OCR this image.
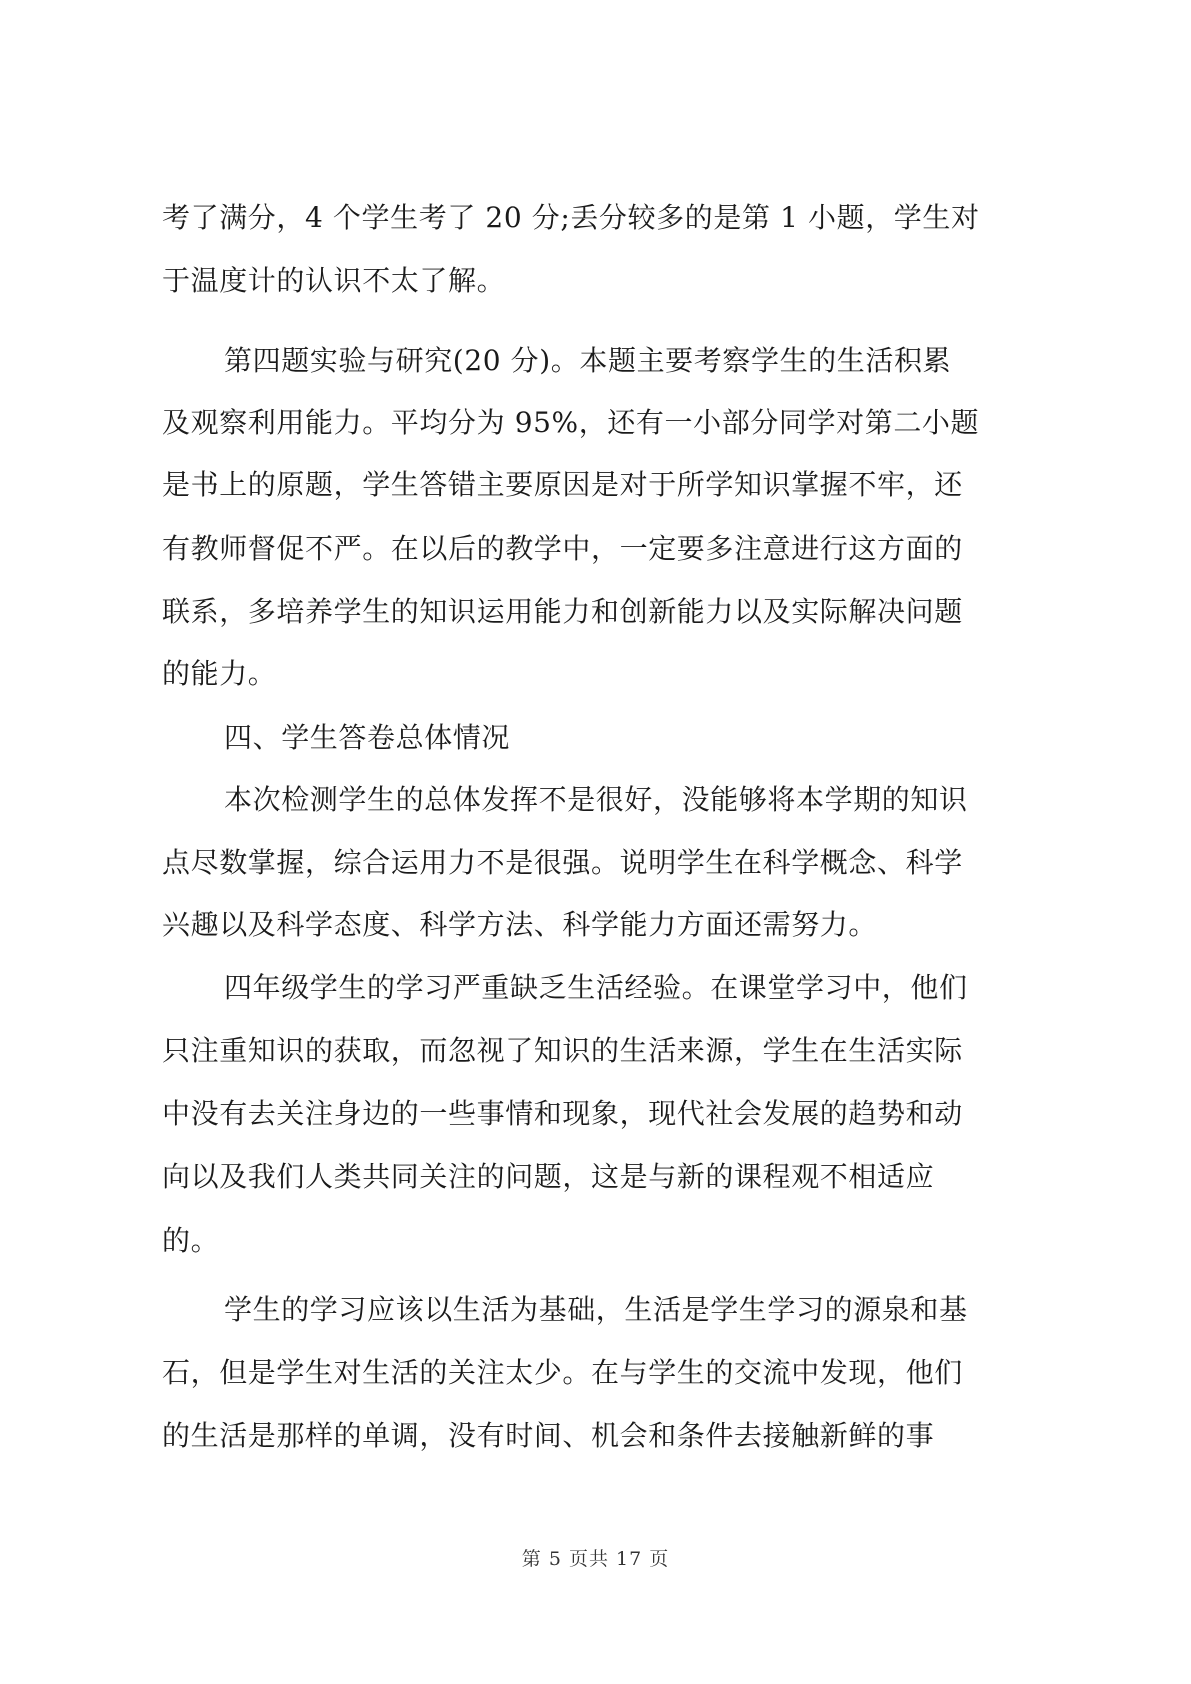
考了满分，4 个学生考了 20 分;丢分较多的是第 1 小题，学生对
于温度计的认识不太了解。
第四题实验与研究(20 分)。本题主要考察学生的生活积累
及观察利用能力。平均分为 95%，还有一小部分同学对第二小题
是书上的原题，学生答错主要原因是对于所学知识掌握不牢，还
有教师督促不严。在以后的教学中，一定要多注意进行这方面的
联系，多培养学生的知识运用能力和创新能力以及实际解决问题
的能力。
四、学生答卷总体情况
本次检测学生的总体发挥不是很好，没能够将本学期的知识
点尽数掌握，综合运用力不是很强。说明学生在科学概念、科学
兴趣以及科学态度、科学方法、科学能力方面还需努力。
四年级学生的学习严重缺乏生活经验。在课堂学习中，他们
只注重知识的获取，而忽视了知识的生活来源，学生在生活实际
中没有去关注身边的一些事情和现象，现代社会发展的趋势和动
向以及我们人类共同关注的问题，这是与新的课程观不相适应
的。
学生的学习应该以生活为基础，生活是学生学习的源泉和基
石，但是学生对生活的关注太少。在与学生的交流中发现，他们
的生活是那样的单调，没有时间、机会和条件去接触新鲜的事
第 5 页共 17 页
